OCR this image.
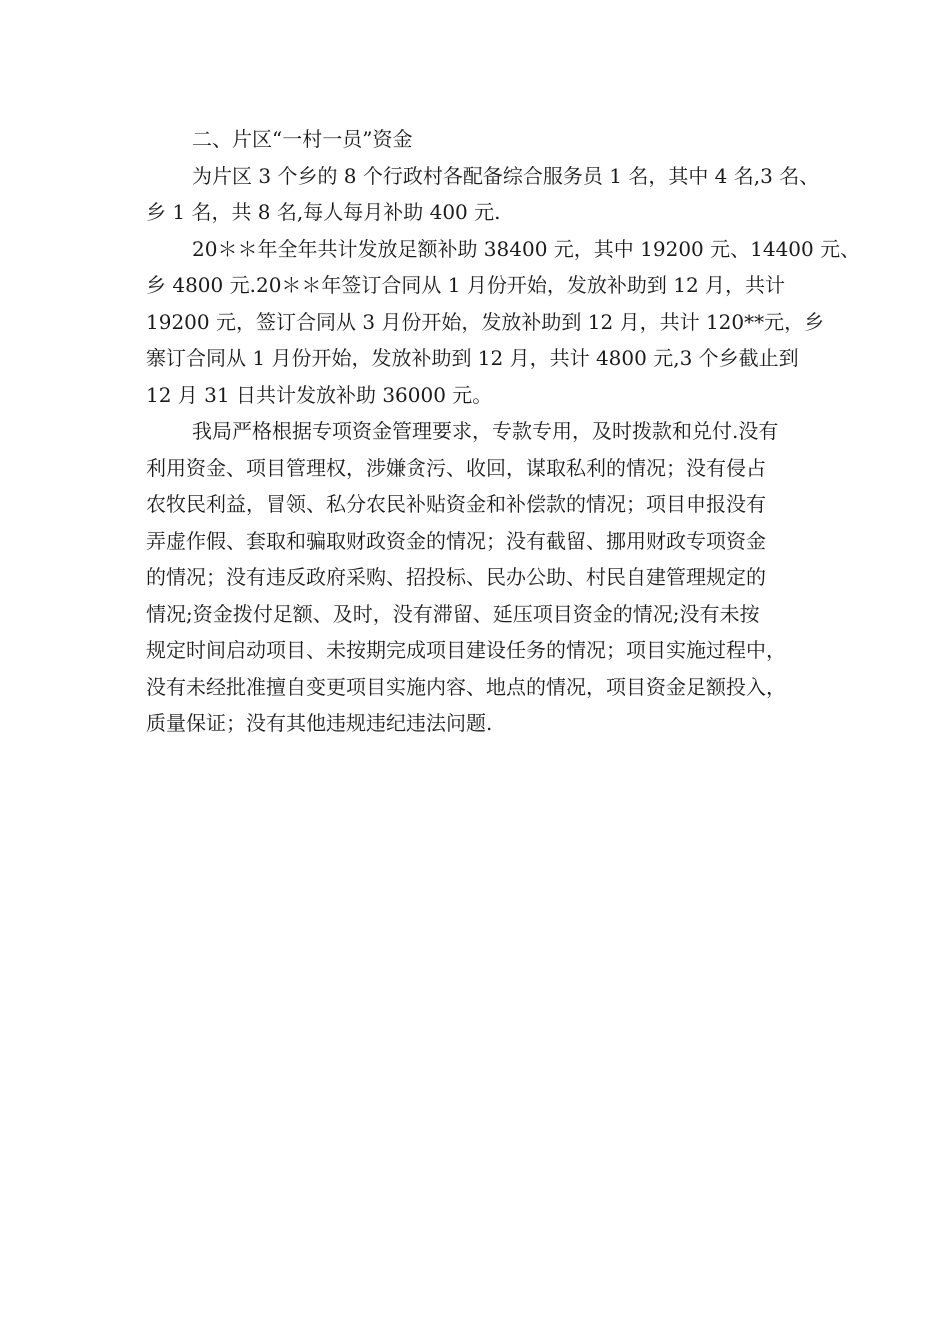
二、片区“一村一员”资金

为片区 3 个乡的 8 个行政村各配备综合服务员 1 名，其中 4 名,3 名、
乡 1 名，共 8 名,每人每月补助 400 元.

20＊＊年全年共计发放足额补助 38400 元，其中 19200 元、14400 元、
乡 4800 元.20＊＊年签订合同从 1 月份开始，发放补助到 12 月，共计
19200 元，签订合同从 3 月份开始，发放补助到 12 月，共计 120**元，乡
寨订合同从 1 月份开始，发放补助到 12 月，共计 4800 元,3 个乡截止到
12 月 31 日共计发放补助 36000 元。

我局严格根据专项资金管理要求，专款专用，及时拨款和兑付.没有
利用资金、项目管理权，涉嫌贪污、收回，谋取私利的情况；没有侵占
农牧民利益，冒领、私分农民补贴资金和补偿款的情况；项目申报没有
弄虚作假、套取和骗取财政资金的情况；没有截留、挪用财政专项资金
的情况；没有违反政府采购、招投标、民办公助、村民自建管理规定的
情况;资金拨付足额、及时，没有滞留、延压项目资金的情况;没有未按
规定时间启动项目、未按期完成项目建设任务的情况；项目实施过程中，
没有未经批准擅自变更项目实施内容、地点的情况，项目资金足额投入，
质量保证；没有其他违规违纪违法问题.
